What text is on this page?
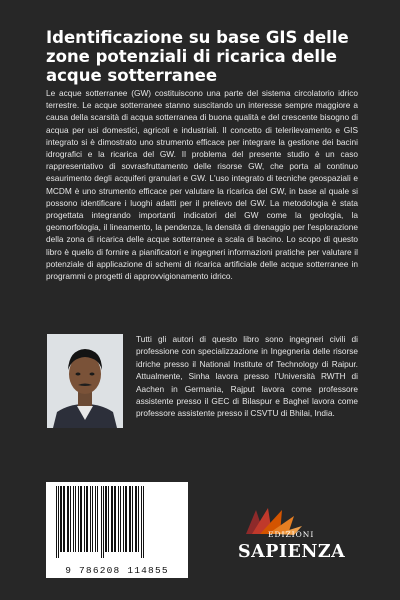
Identificazione su base GIS delle zone potenziali di ricarica delle acque sotterranee

Le acque sotterranee (GW) costituiscono una parte del sistema circolatorio idrico terrestre. Le acque sotterranee stanno suscitando un interesse sempre maggiore a causa della scarsità di acqua sotterranea di buona qualità e del crescente bisogno di acqua per usi domestici, agricoli e industriali. Il concetto di telerilevamento e GIS integrato si è dimostrato uno strumento efficace per integrare la gestione dei bacini idrografici e la ricarica del GW. Il problema del presente studio è un caso rappresentativo di sovrasfruttamento delle risorse GW, che porta al continuo esaurimento degli acquiferi granulari e GW. L'uso integrato di tecniche geospaziali e MCDM è uno strumento efficace per valutare la ricarica del GW, in base al quale si possono identificare i luoghi adatti per il prelievo del GW. La metodologia è stata progettata integrando importanti indicatori del GW come la geologia, la geomorfologia, il lineamento, la pendenza, la densità di drenaggio per l'esplorazione della zona di ricarica delle acque sotterranee a scala di bacino. Lo scopo di questo libro è quello di fornire a pianificatori e ingegneri informazioni pratiche per valutare il potenziale di applicazione di schemi di ricarica artificiale delle acque sotterranee in programmi o progetti di approvvigionamento idrico.

Tutti gli autori di questo libro sono ingegneri civili di professione con specializzazione in Ingegneria delle risorse idriche presso il National Institute of Technology di Raipur. Attualmente, Sinha lavora presso l'Università RWTH di Aachen in Germania, Rajput lavora come professore assistente presso il GEC di Bilaspur e Baghel lavora come professore assistente presso il CSVTU di Bhilai, India.

9 786208 114855
EDIZIONI
SAPIENZA
